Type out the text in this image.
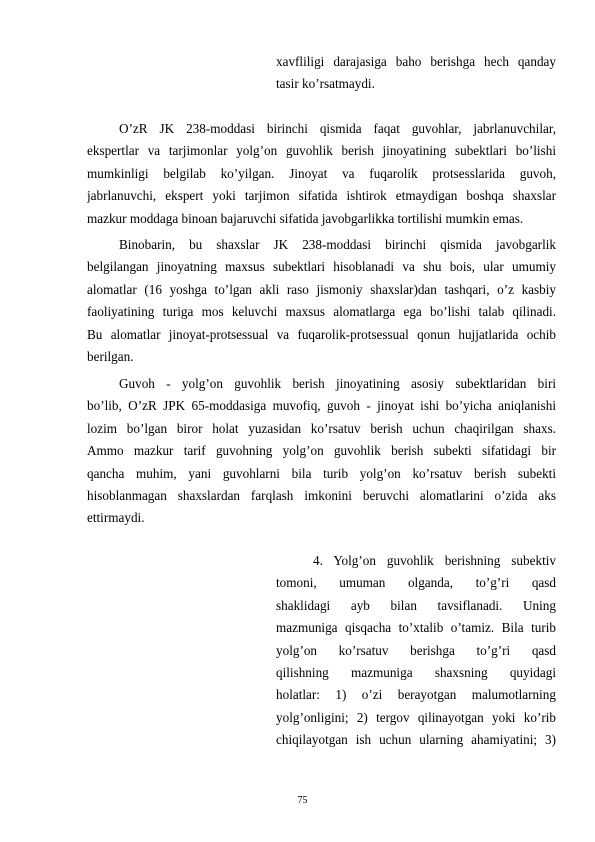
xavfliligi darajasiga baho berishga hech qanday
tasir ko’rsatmaydi.
O’zR JK 238-moddasi birinchi qismida faqat guvohlar, jabrlanuvchilar,
ekspertlar va tarjimonlar yolg’on guvohlik berish jinoyatining subektlari bo’lishi
mumkinligi belgilab ko’yilgan. Jinoyat va fuqarolik protsesslarida guvoh,
jabrlanuvchi, ekspert yoki tarjimon sifatida ishtirok etmaydigan boshqa shaxslar
mazkur moddaga binoan bajaruvchi sifatida javobgarlikka tortilishi mumkin emas.
Binobarin, bu shaxslar JK 238-moddasi birinchi qismida javobgarlik
belgilangan jinoyatning maxsus subektlari hisoblanadi va shu bois, ular umumiy
alomatlar (16 yoshga to’lgan akli raso jismoniy shaxslar)dan tashqari, o’z kasbiy
faoliyatining turiga mos keluvchi maxsus alomatlarga ega bo’lishi talab qilinadi.
Bu alomatlar jinoyat-protsessual va fuqarolik-protsessual qonun hujjatlarida ochib
berilgan.
Guvoh - yolg’on guvohlik berish jinoyatining asosiy subektlaridan biri
bo’lib, O’zR JPK 65-moddasiga muvofiq, guvoh - jinoyat ishi bo’yicha aniqlanishi
lozim bo’lgan biror holat yuzasidan ko’rsatuv berish uchun chaqirilgan shaxs.
Ammo mazkur tarif guvohning yolg’on guvohlik berish subekti sifatidagi bir
qancha muhim, yani guvohlarni bila turib yolg’on ko’rsatuv berish subekti
hisoblanmagan shaxslardan farqlash imkonini beruvchi alomatlarini o’zida aks
ettirmaydi.
4. Yolg’on guvohlik berishning subektiv
tomoni, umuman olganda, to’g’ri qasd
shaklidagi ayb bilan tavsiflanadi. Uning
mazmuniga qisqacha to’xtalib o’tamiz. Bila turib
yolg’on ko’rsatuv berishga to’g’ri qasd
qilishning mazmuniga shaxsning quyidagi
holatlar: 1) o’zi berayotgan malumotlarning
yolg’onligini; 2) tergov qilinayotgan yoki ko’rib
chiqilayotgan ish uchun ularning ahamiyatini; 3)
75
